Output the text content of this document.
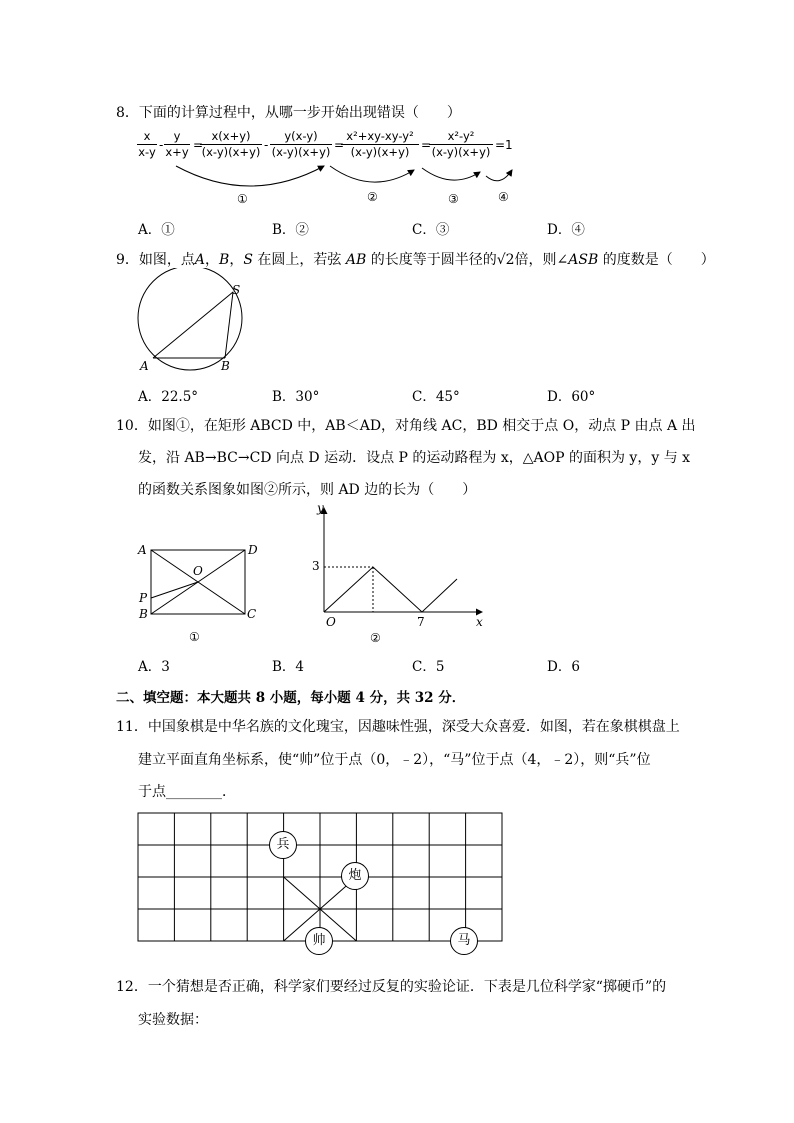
8．下面的计算过程中，从哪一步开始出现错误（　　）
$\frac{x}{x-y} - \frac{y}{x+y}$ =
$\frac{x(x+y)}{(x-y)(x+y)} - \frac{y(x-y)}{(x-y)(x+y)}$ =
$\frac{\text{x²+xy-xy-y²}}{(x-y)(x+y)}$ =
$\frac{\text{x²-y²}}{(x-y)(x+y)} =1$
①	②	③	④
A．①	B．②	C．③	D．④
9．如图，点A，B，S 在圆上，若弦 AB 的长度等于圆半径的√2倍，则∠ASB 的度数是（　　）
S
A	B
A．22.5°	B．30°	C．45°	D．60°
10．如图①，在矩形 ABCD 中，AB＜AD，对角线 AC，BD 相交于点 O，动点 P 由点 A 出
发，沿 AB→BC→CD 向点 D 运动．设点 P 的运动路程为 x，△AOP 的面积为 y，y 与 x
的函数关系图象如图②所示，则 AD 边的长为（　　）
A	D
O
P
B	C
①
y
x
O
3
7
②
A．3	B．4	C．5	D．6
二、填空题：本大题共 8 小题，每小题 4 分，共 32 分．
11．中国象棋是中华名族的文化瑰宝，因趣味性强，深受大众喜爱．如图，若在象棋棋盘上
建立平面直角坐标系，使“帅”位于点（0，﹣2），“马”位于点（4，﹣2），则“兵”位
于点________．
兵
炮
帅	马
12．一个猜想是否正确，科学家们要经过反复的实验论证．下表是几位科学家“掷硬币”的
实验数据：
